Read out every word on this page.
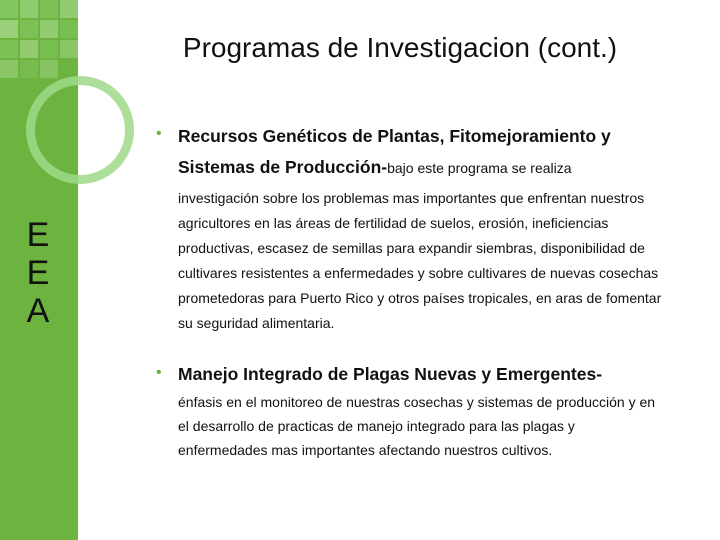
Programas de Investigacion (cont.)
E
E
A
• Recursos Genéticos de Plantas, Fitomejoramiento y
Sistemas de Producción-bajo este programa se realiza
investigación sobre los problemas mas importantes que enfrentan nuestros
agricultores en las áreas de fertilidad de suelos, erosión, ineficiencias
productivas, escasez de semillas para expandir siembras, disponibilidad de
cultivares resistentes a enfermedades y sobre cultivares de nuevas cosechas
prometedoras para Puerto Rico y otros países tropicales, en aras de fomentar
su seguridad alimentaria.
• Manejo Integrado de Plagas Nuevas y Emergentes-
énfasis en el monitoreo de nuestras cosechas y sistemas de producción y en
el desarrollo de practicas de manejo integrado para las plagas y
enfermedades mas importantes afectando nuestros cultivos.
